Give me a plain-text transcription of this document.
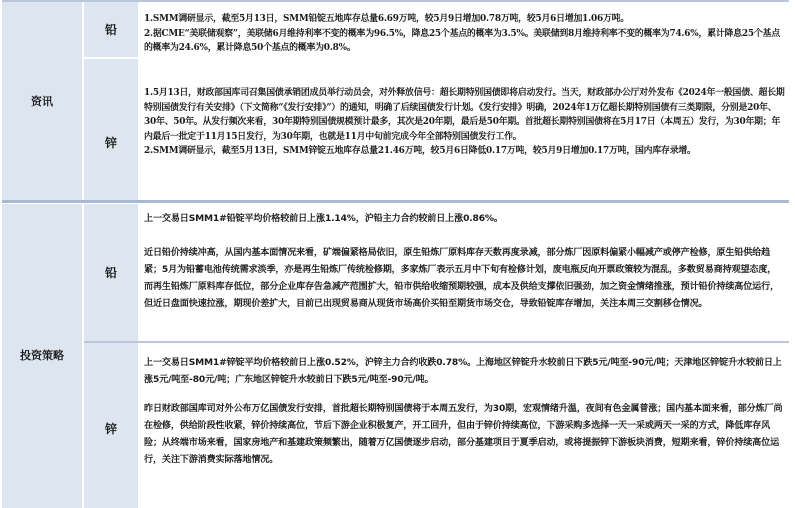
资讯
铅

1.SMM调研显示，截至5月13日，SMM铅锭五地库存总量6.69万吨，较5月9日增加0.78万吨，较5月6日增加1.06万吨。

2.据CME“美联储观察”，美联储6月维持利率不变的概率为96.5%，降息25个基点的概率为3.5%。美联储到8月维持利率不变的概率为74.6%，累计降息25个基点的概率为24.6%，累计降息50个基点的概率为0.8%。

锌

1.5月13日，财政部国库司召集国债承销团成员举行动员会，对外释放信号：超长期特别国债即将启动发行。当天，财政部办公厅对外发布《2024年一般国债、超长期特别国债发行有关安排》（下文简称“《发行安排》”）的通知，明确了后续国债发行计划。《发行安排》明确，2024年1万亿超长期特别国债有三类期限，分别是20年、30年、50年。从发行频次来看，30年期特别国债规模预计最多，其次是20年期，最后是50年期。首批超长期特别国债将在5月17日（本周五）发行，为30年期；年内最后一批定于11月15日发行，为30年期，也就是11月中旬前完成今年全部特别国债发行工作。

2.SMM调研显示，截至5月13日，SMM锌锭五地库存总量21.46万吨，较5月6日降低0.17万吨，较5月9日增加0.17万吨，国内库存录增。

投资策略
铅

上一交易日SMM1#铅锭平均价格较前日上涨1.14%，沪铅主力合约较前日上涨0.86%。

近日铅价持续冲高，从国内基本面情况来看，矿端偏紧格局依旧，原生铅炼厂原料库存天数再度录减，部分炼厂因原料偏紧小幅减产或停产检修，原生铅供给趋紧；5月为铅蓄电池传统需求淡季，亦是再生铅炼厂传统检修期，多家炼厂表示五月中下旬有检修计划，废电瓶反向开票政策较为混乱，多数贸易商持观望态度，而再生铅炼厂原料库存低位，部分企业库存告急减产范围扩大，铅市供给收缩预期较强，成本及供给支撑依旧强劲，加之资金情绪推涨，预计铅价持续高位运行，但近日盘面快速拉涨，期现价差扩大，目前已出现贸易商从现货市场高价买铅至期货市场交仓，导致铅锭库存增加，关注本周三交割移仓情况。

锌

上一交易日SMM1#锌锭平均价格较前日上涨0.52%，沪锌主力合约收跌0.78%。上海地区锌锭升水较前日下跌5元/吨至-90元/吨；天津地区锌锭升水较前日上涨5元/吨至-80元/吨；广东地区锌锭升水较前日下跌5元/吨至-90元/吨。

昨日财政部国库司对外公布万亿国债发行安排，首批超长期特别国债将于本周五发行，为30期，宏观情绪升温，夜间有色金属普涨；国内基本面来看，部分炼厂尚在检修，供给阶段性收紧，锌价持续高位，节后下游企业积极复产，开工回升，但由于锌价持续高位，下游采购多选择一天一采或两天一采的方式，降低库存风险；从终端市场来看，国家房地产和基建政策频繁出，随着万亿国债逐步启动，部分基建项目于夏季启动，或将提振锌下游板块消费，短期来看，锌价持续高位运行，关注下游消费实际落地情况。
